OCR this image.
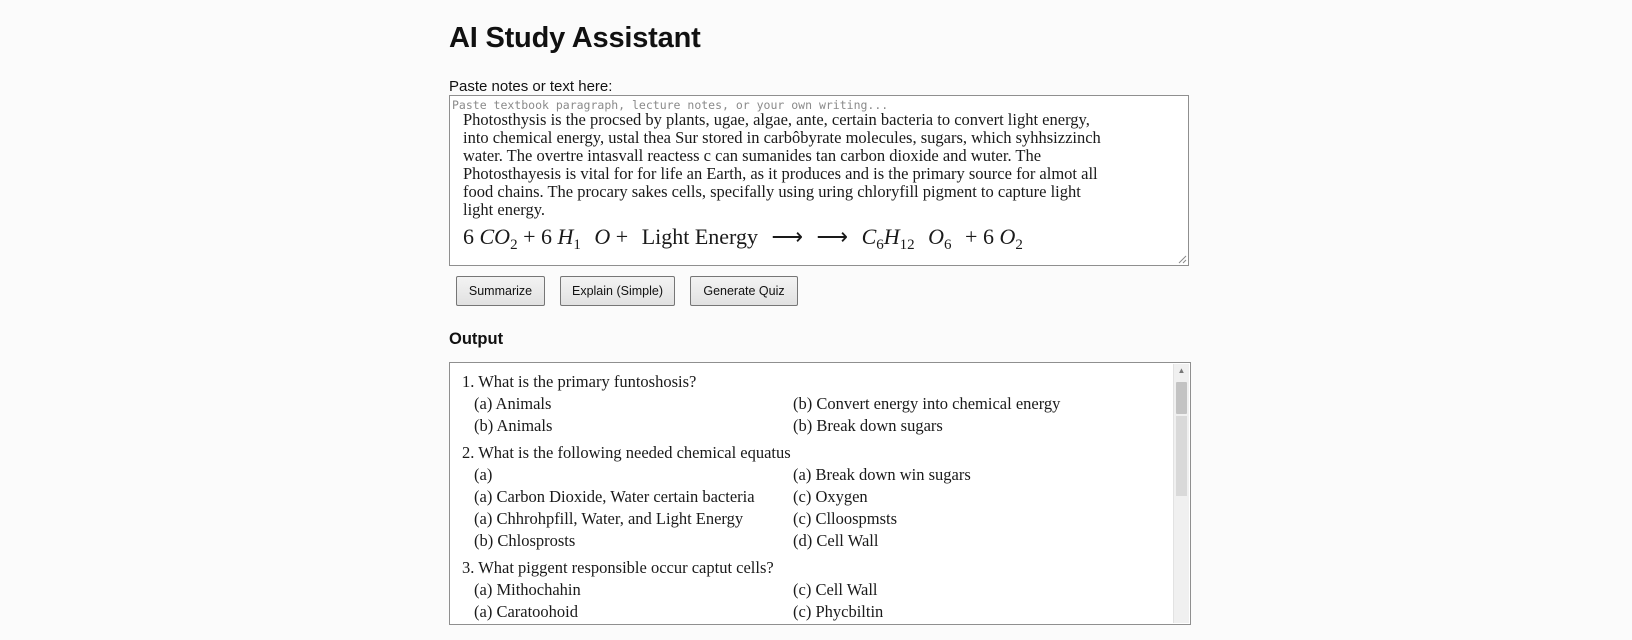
AI Study Assistant
Paste notes or text here:
Paste textbook paragraph, lecture notes, or your own writing...

Photosthysis is the procsed by plants, ugae, algae, ante, certain bacteria to convert light energy,

into chemical energy, ustal thea Sur stored in carbôbyrate molecules, sugars, which syhhsizzinch

water. The overtre intasvall reactess c can sumanides tan carbon dioxide and wuter. The

Photosthayesis is vital for for life an Earth, as it produces and is the primary source for almot all

food chains. The procary sakes cells, specifally using uring chloryfill pigment to capture light

light energy.

6 $CO_2 + 6$ $H_1$ O + Light Energy ⟶ ⟶ $C_6H_{12}$ $O_6 + 6$ $O_2$
Summarize	Explain (Simple)	Generate Quiz
Output

1. What is the primary funtoshosis?

(a) Animals	(b) Convert energy into chemical energy
(b) Animals	(b) Break down sugars

2. What is the following needed chemical equatus

(a)	(a) Break down win sugars
(a) Carbon Dioxide, Water certain bacteria	(c) Oxygen
(a) Chhrohpfill, Water, and Light Energy	(c) Clloospmsts
(b) Chlosprosts	(d) Cell Wall

3. What piggent responsible occur captut cells?

(a) Mithochahin	(c) Cell Wall
(a) Caratoohoid	(c) Phycbiltin
▲
